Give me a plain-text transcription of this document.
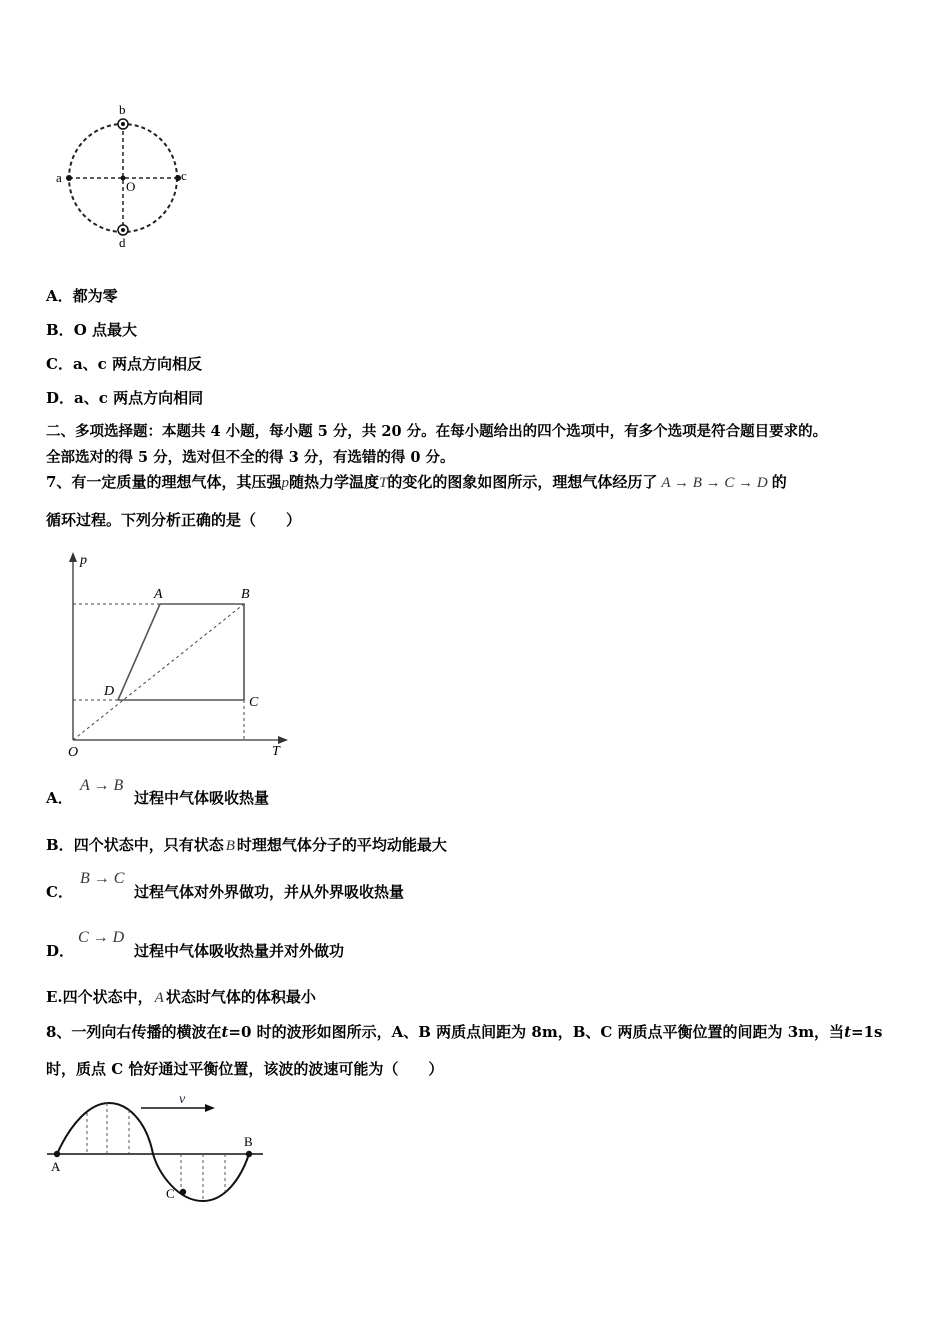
a
b
c
d
O
A．都为零
B．O 点最大
C．a、c 两点方向相反
D．a、c 两点方向相同
二、多项选择题：本题共 4 小题，每小题 5 分，共 20 分。在每小题给出的四个选项中，有多个选项是符合题目要求的。
全部选对的得 5 分，选对但不全的得 3 分，有选错的得 0 分。
7、有一定质量的理想气体，其压强p随热力学温度T的变化的图象如图所示，理想气体经历了 A → B → C → D 的
循环过程。下列分析正确的是（　　）
p
T
O
A	B
C
D
A．
A → B
过程中气体吸收热量
B．四个状态中，只有状态 B 时理想气体分子的平均动能最大
C．
B → C
过程气体对外界做功，并从外界吸收热量
D．
C → D
过程中气体吸收热量并对外做功
E.四个状态中， A 状态时气体的体积最小
8、一列向右传播的横波在t=0 时的波形如图所示，A、B 两质点间距为 8m，B、C 两质点平衡位置的间距为 3m，当t=1s
时，质点 C 恰好通过平衡位置，该波的波速可能为（　　）
v
A
B
C
